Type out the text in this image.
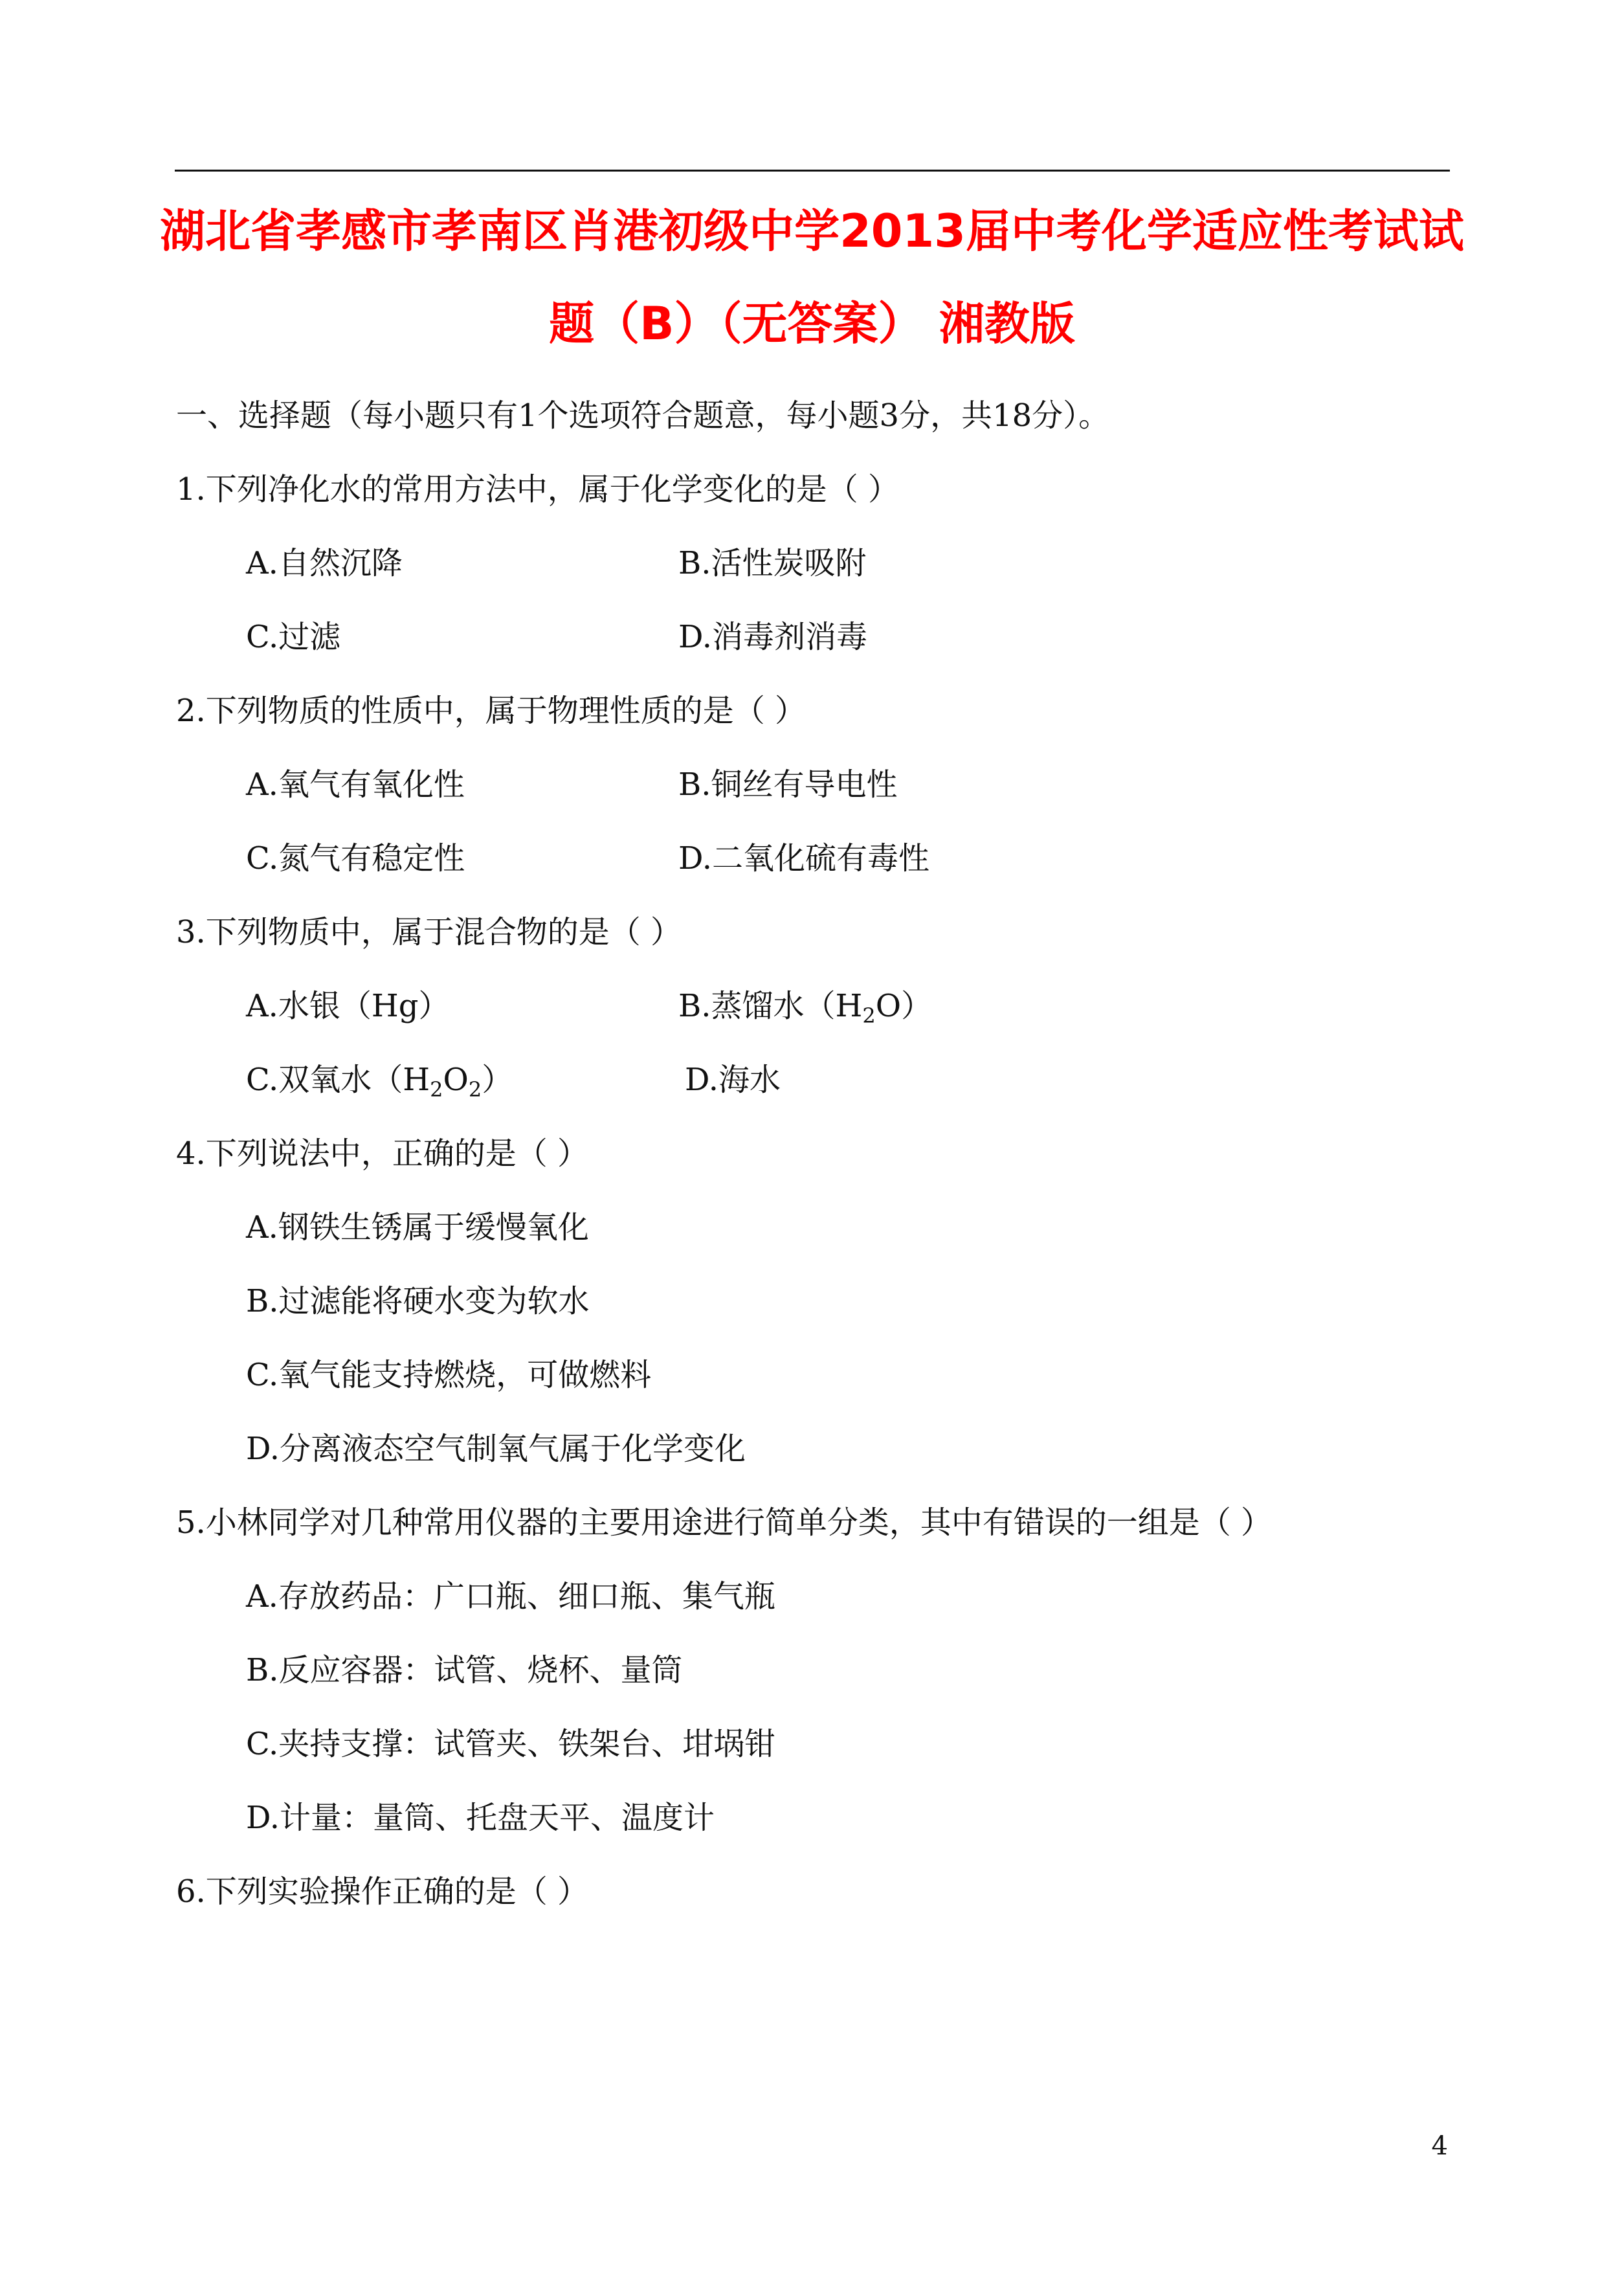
湖北省孝感市孝南区肖港初级中学2013届中考化学适应性考试试
题（B）（无答案） 湘教版
一、选择题（每小题只有1个选项符合题意，每小题3分，共18分）。
1.下列净化水的常用方法中，属于化学变化的是（ ）
A.自然沉降	B.活性炭吸附
C.过滤	D.消毒剂消毒
2.下列物质的性质中，属于物理性质的是（ ）
A.氧气有氧化性	B.铜丝有导电性
C.氮气有稳定性	D.二氧化硫有毒性
3.下列物质中，属于混合物的是（ ）
A.水银（Hg）	B.蒸馏水$(H_2O)$
C.双氧水$(H_2O_2)$	D.海水
4.下列说法中，正确的是（ ）
A.钢铁生锈属于缓慢氧化
B.过滤能将硬水变为软水
C.氧气能支持燃烧，可做燃料
D.分离液态空气制氧气属于化学变化
5.小林同学对几种常用仪器的主要用途进行简单分类，其中有错误的一组是（ ）
A.存放药品：广口瓶、细口瓶、集气瓶
B.反应容器：试管、烧杯、量筒
C.夹持支撑：试管夹、铁架台、坩埚钳
D.计量：量筒、托盘天平、温度计
6.下列实验操作正确的是（ ）
4
